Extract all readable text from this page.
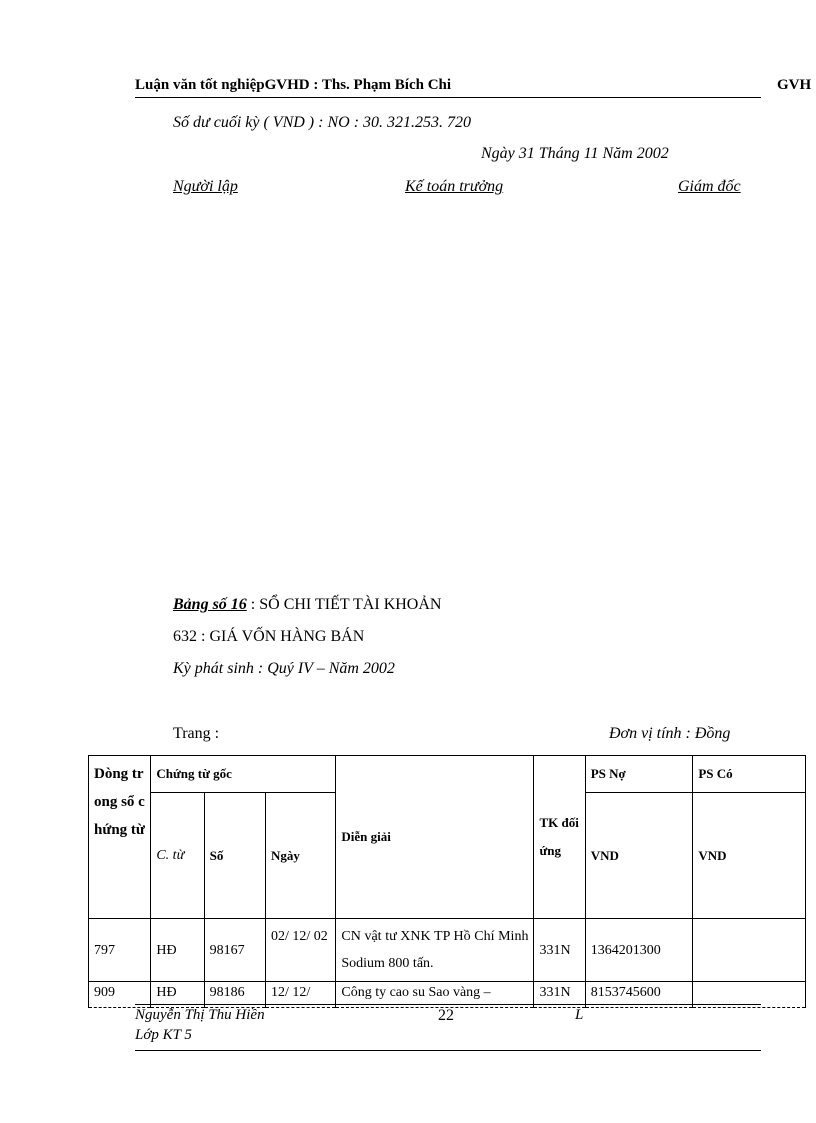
Luận văn tốt nghiệpGVHD : Ths. Phạm Bích Chi	GVH
Số dư cuối kỳ ( VND ) : NO : 30. 321.253. 720
Ngày 31 Tháng 11 Năm 2002
Người lập	Kế toán trưởng	Giám đốc
Bảng số 16 : SỔ CHI TIẾT TÀI KHOẢN
632 : GIÁ VỐN HÀNG BÁN
Kỳ phát sinh : Quý IV – Năm 2002
Trang :	Đơn vị tính : Đồng
Dòng trong sổ chứng từ	Chứng từ gốc			Diễn giải	TK đối ứng	PS Nợ	PS Có
	C. từ	Số	Ngày			VND	VND
797	HĐ	98167	02/ 12/ 02	CN vật tư XNK TP Hồ Chí Minh Sodium 800 tấn.	331N	1364201300	
909	HĐ	98186	12/ 12/	Công ty cao su Sao vàng –	331N	8153745600	
Nguyễn Thị Thu Hiền	22	L
Lớp KT 5
